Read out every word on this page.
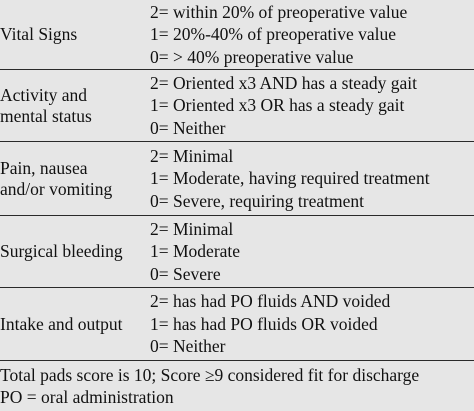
Vital Signs
2= within 20% of preoperative value
1= 20%-40% of preoperative value
0= > 40% preoperative value
Activity and
mental status
2= Oriented x3 AND has a steady gait
1= Oriented x3 OR has a steady gait
0= Neither
Pain, nausea
and/or vomiting
2= Minimal
1= Moderate, having required treatment
0= Severe, requiring treatment
Surgical bleeding
2= Minimal
1= Moderate
0= Severe
Intake and output
2= has had PO fluids AND voided
1= has had PO fluids OR voided
0= Neither
Total pads score is 10; Score ≥9 considered fit for discharge
PO = oral administration
